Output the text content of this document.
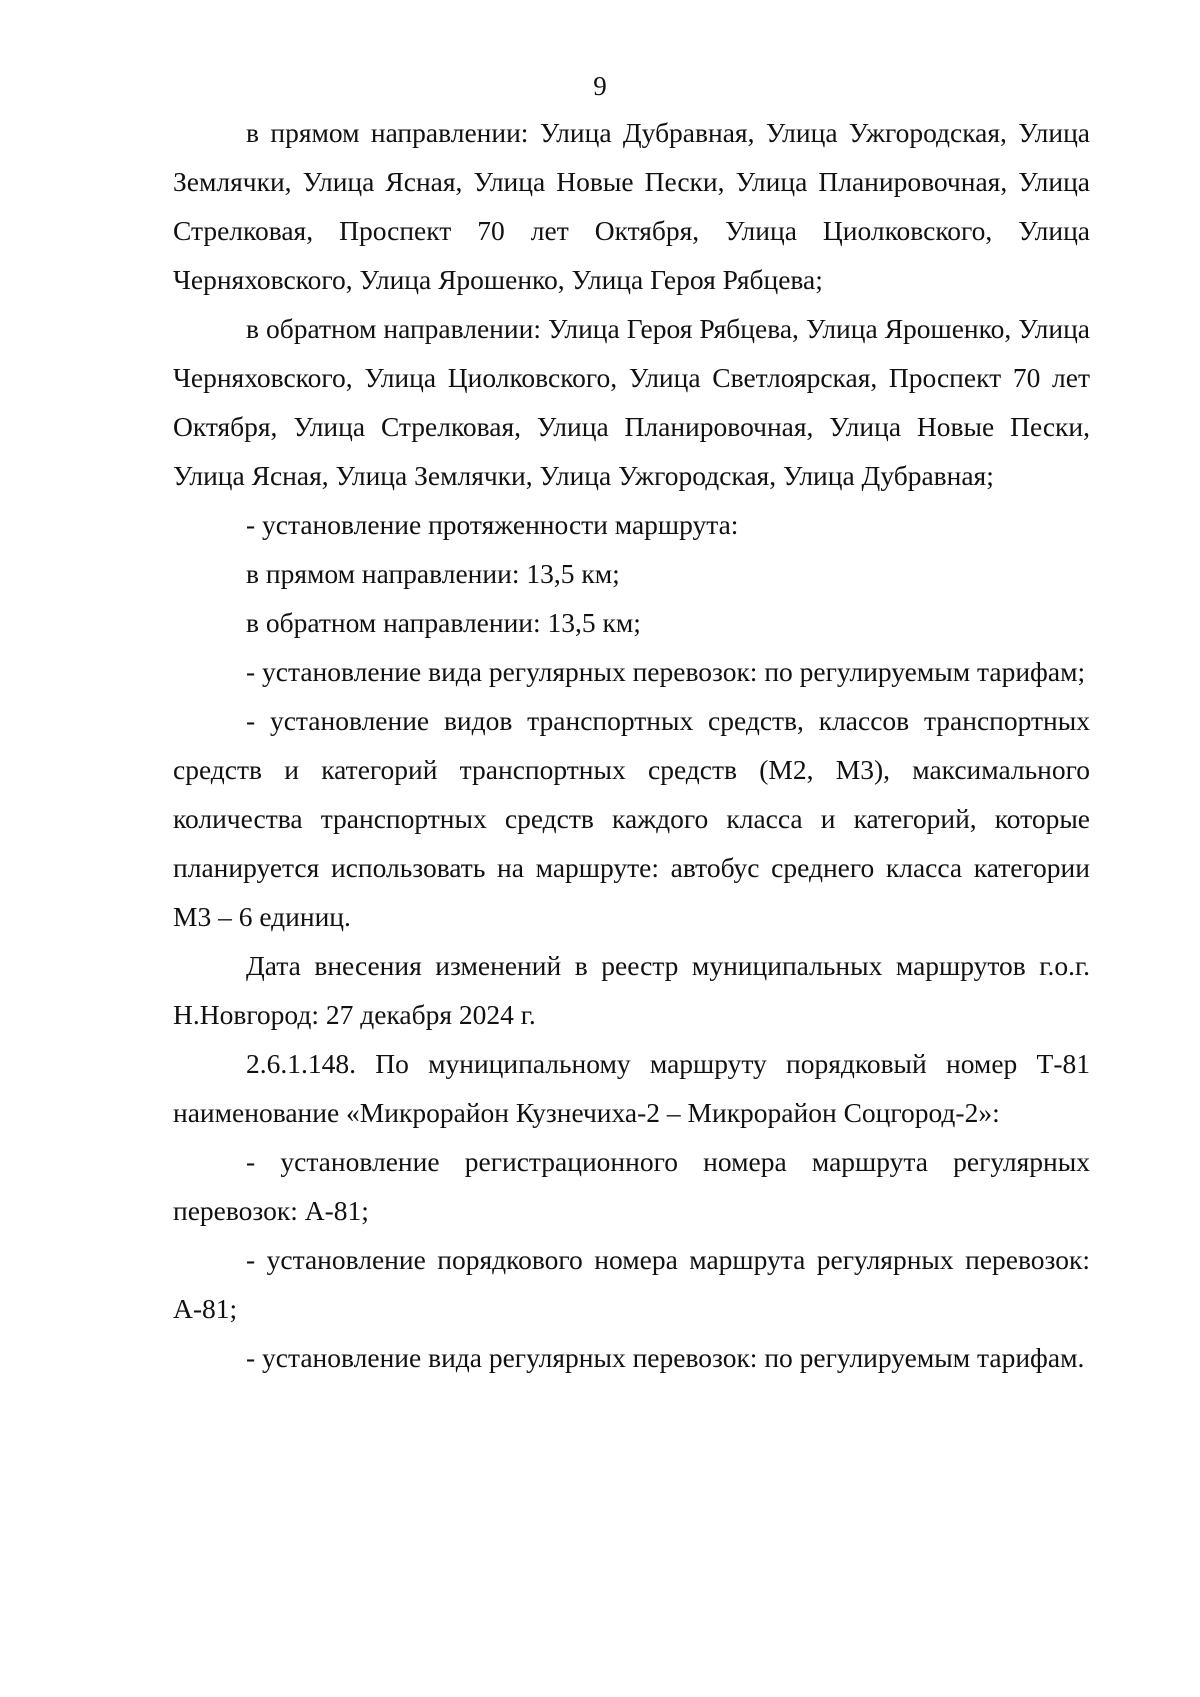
9

в прямом направлении: Улица Дубравная, Улица Ужгородская, Улица Землячки, Улица Ясная, Улица Новые Пески, Улица Планировочная, Улица Стрелковая, Проспект 70 лет Октября, Улица Циолковского, Улица Черняховского, Улица Ярошенко, Улица Героя Рябцева;

в обратном направлении: Улица Героя Рябцева, Улица Ярошенко, Улица Черняховского, Улица Циолковского, Улица Светлоярская, Проспект 70 лет Октября, Улица Стрелковая, Улица Планировочная, Улица Новые Пески, Улица Ясная, Улица Землячки, Улица Ужгородская, Улица Дубравная;

- установление протяженности маршрута:

в прямом направлении: 13,5 км;

в обратном направлении: 13,5 км;

- установление вида регулярных перевозок: по регулируемым тарифам;

- установление видов транспортных средств, классов транспортных средств и категорий транспортных средств (М2, М3), максимального количества транспортных средств каждого класса и категорий, которые планируется использовать на маршруте: автобус среднего класса категории М3 – 6 единиц.

Дата внесения изменений в реестр муниципальных маршрутов г.о.г. Н.Новгород: 27 декабря 2024 г.

2.6.1.148. По муниципальному маршруту порядковый номер Т-81 наименование «Микрорайон Кузнечиха-2 – Микрорайон Соцгород-2»:

- установление регистрационного номера маршрута регулярных перевозок: А-81;

- установление порядкового номера маршрута регулярных перевозок: А-81;

- установление вида регулярных перевозок: по регулируемым тарифам.
